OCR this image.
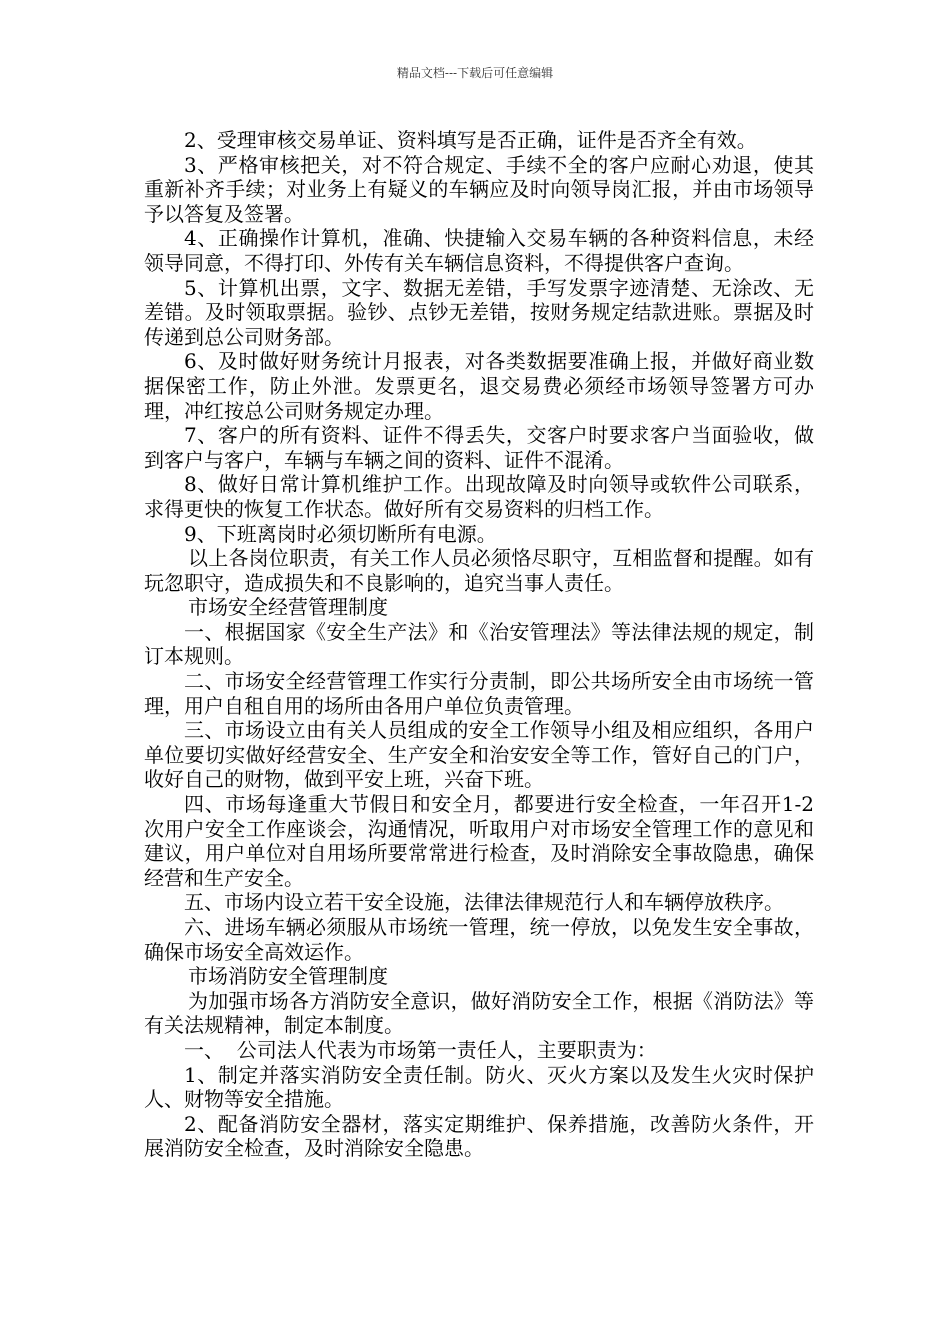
精品文档---下载后可任意编辑

2、受理审核交易单证、资料填写是否正确，证件是否齐全有效。

3、严格审核把关，对不符合规定、手续不全的客户应耐心劝退，使其重新补齐手续；对业务上有疑义的车辆应及时向领导岗汇报，并由市场领导予以答复及签署。

4、正确操作计算机，准确、快捷输入交易车辆的各种资料信息，未经领导同意，不得打印、外传有关车辆信息资料，不得提供客户查询。

5、计算机出票，文字、数据无差错，手写发票字迹清楚、无涂改、无差错。及时领取票据。验钞、点钞无差错，按财务规定结款进账。票据及时传递到总公司财务部。

6、及时做好财务统计月报表，对各类数据要准确上报，并做好商业数据保密工作，防止外泄。发票更名，退交易费必须经市场领导签署方可办理，冲红按总公司财务规定办理。

7、客户的所有资料、证件不得丢失，交客户时要求客户当面验收，做到客户与客户，车辆与车辆之间的资料、证件不混淆。

8、做好日常计算机维护工作。出现故障及时向领导或软件公司联系，求得更快的恢复工作状态。做好所有交易资料的归档工作。

9、下班离岗时必须切断所有电源。

以上各岗位职责，有关工作人员必须恪尽职守，互相监督和提醒。如有玩忽职守，造成损失和不良影响的，追究当事人责任。

市场安全经营管理制度

一、根据国家《安全生产法》和《治安管理法》等法律法规的规定，制订本规则。

二、市场安全经营管理工作实行分责制，即公共场所安全由市场统一管理，用户自租自用的场所由各用户单位负责管理。

三、市场设立由有关人员组成的安全工作领导小组及相应组织，各用户单位要切实做好经营安全、生产安全和治安安全等工作，管好自己的门户，收好自己的财物，做到平安上班，兴奋下班。

四、市场每逢重大节假日和安全月，都要进行安全检查，一年召开1-2次用户安全工作座谈会，沟通情况，听取用户对市场安全管理工作的意见和建议，用户单位对自用场所要常常进行检查，及时消除安全事故隐患，确保经营和生产安全。

五、市场内设立若干安全设施，法律法律规范行人和车辆停放秩序。

六、进场车辆必须服从市场统一管理，统一停放，以免发生安全事故，确保市场安全高效运作。

市场消防安全管理制度

为加强市场各方消防安全意识，做好消防安全工作，根据《消防法》等有关法规精神，制定本制度。

一、  公司法人代表为市场第一责任人，主要职责为：

1、制定并落实消防安全责任制。防火、灭火方案以及发生火灾时保护人、财物等安全措施。

2、配备消防安全器材，落实定期维护、保养措施，改善防火条件，开展消防安全检查，及时消除安全隐患。
